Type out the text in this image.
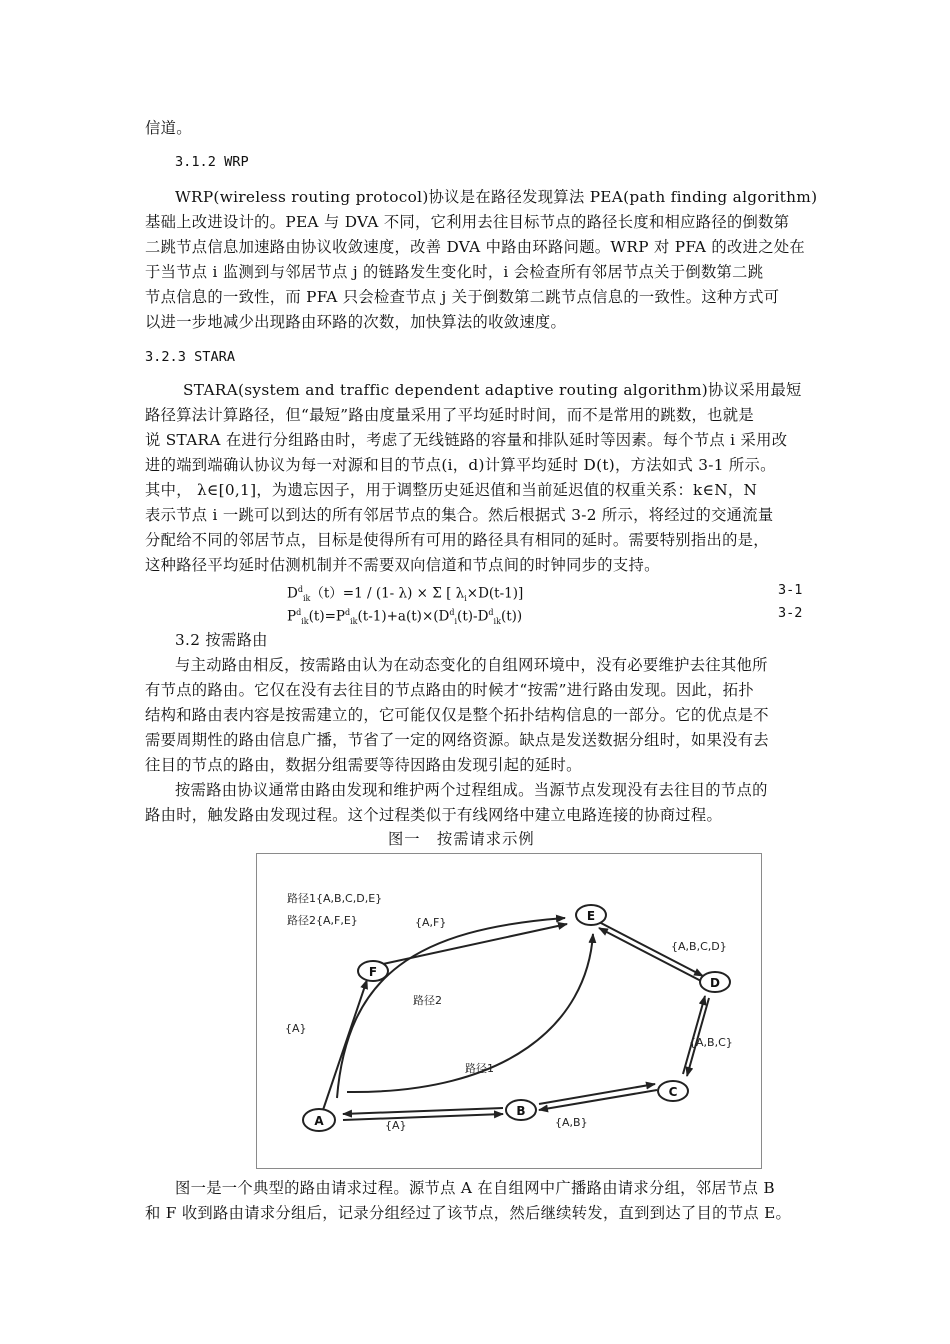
信道。
3.1.2 WRP
WRP(wireless routing protocol)协议是在路径发现算法 PEA(path finding algorithm)
基础上改进设计的。PEA 与 DVA 不同，它利用去往目标节点的路径长度和相应路径的倒数第
二跳节点信息加速路由协议收敛速度，改善 DVA 中路由环路问题。WRP 对 PFA 的改进之处在
于当节点 i 监测到与邻居节点 j 的链路发生变化时，i 会检查所有邻居节点关于倒数第二跳
节点信息的一致性，而 PFA 只会检查节点 j 关于倒数第二跳节点信息的一致性。这种方式可
以进一步地减少出现路由环路的次数，加快算法的收敛速度。
3.2.3 STARA
STARA(system and traffic dependent adaptive routing algorithm)协议采用最短
路径算法计算路径，但“最短”路由度量采用了平均延时时间，而不是常用的跳数，也就是
说 STARA 在进行分组路由时，考虑了无线链路的容量和排队延时等因素。每个节点 i 采用改
进的端到端确认协议为每一对源和目的节点(i，d)计算平均延时 D(t)，方法如式 3-1 所示。
其中， λ∈[0,1]，为遗忘因子，用于调整历史延迟值和当前延迟值的权重关系：k∈N，N
表示节点 i 一跳可以到达的所有邻居节点的集合。然后根据式 3-2 所示，将经过的交通流量
分配给不同的邻居节点，目标是使得所有可用的路径具有相同的延时。需要特别指出的是，
这种路径平均延时估测机制并不需要双向信道和节点间的时钟同步的支持。
$D^d_{ik}(t)=1 / (1-$ λ) × Σ [ $\lambda_i\times D(t-1)$]	3-1
$P^d_{ik}(t)=P^d_{ik}(t-1)+a(t)\times(D^d_i(t)-D^d_{ik}(t))$	3-2
3.2 按需路由
与主动路由相反，按需路由认为在动态变化的自组网环境中，没有必要维护去往其他所
有节点的路由。它仅在没有去往目的节点路由的时候才“按需”进行路由发现。因此，拓扑
结构和路由表内容是按需建立的，它可能仅仅是整个拓扑结构信息的一部分。它的优点是不
需要周期性的路由信息广播，节省了一定的网络资源。缺点是发送数据分组时，如果没有去
往目的节点的路由，数据分组需要等待因路由发现引起的延时。
按需路由协议通常由路由发现和维护两个过程组成。当源节点发现没有去往目的节点的
路由时，触发路由发现过程。这个过程类似于有线网络中建立电路连接的协商过程。
图一　按需请求示例
A
B
C
D
E
F
路径1{A,B,C,D,E}
路径2{A,F,E}	{A,F}
{A}
路径2
路径1
{A}	{A,B}
{A,B,C}
{A,B,C,D}
图一是一个典型的路由请求过程。源节点 A 在自组网中广播路由请求分组，邻居节点 B
和 F 收到路由请求分组后，记录分组经过了该节点，然后继续转发，直到到达了目的节点 E。
